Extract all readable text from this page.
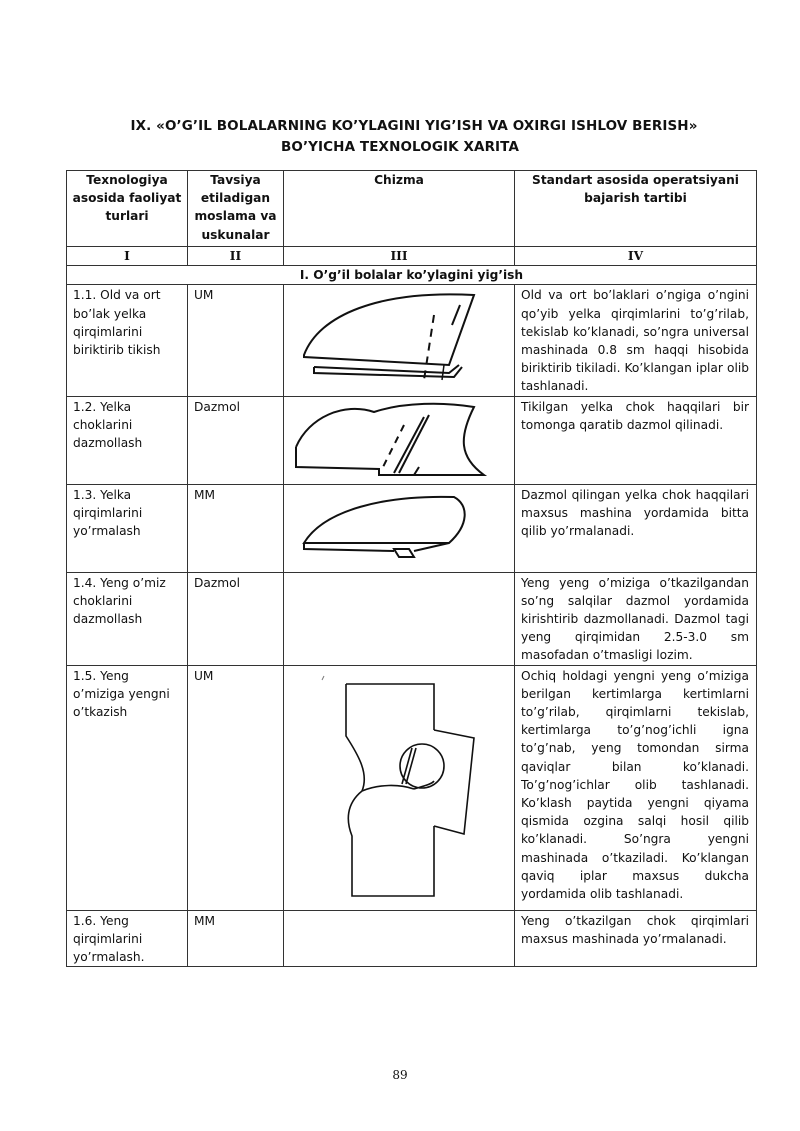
IX. «O’G’IL BOLALARNING KO’YLAGINI YIG’ISH VA OXIRGI ISHLOV BERISH»
BO’YICHA TEXNOLOGIK XARITA
Texnologiya asosida faoliyat turlari	Tavsiya etiladigan moslama va uskunalar	Chizma	Standart asosida operatsiyani bajarish tartibi
I	II	III	IV
I. O’g’il bolalar ko’ylagini yig’ish			
1.1. Old va ort bo’lak yelka qirqimlarini biriktirib tikish	UM		Old va ort bo’laklari o’ngiga o’ngini qo’yib yelka qirqimlarini to’g’rilab, tekislab ko’klanadi, so’ngra universal mashinada 0.8 sm haqqi hisobida biriktirib tikiladi. Ko’klangan iplar olib tashlanadi.
1.2. Yelka choklarini dazmollash	Dazmol		Tikilgan yelka chok haqqilari bir tomonga qaratib dazmol qilinadi.
1.3. Yelka qirqimlarini yo’rmalash	MM		Dazmol qilingan yelka chok haqqilari maxsus mashina yordamida bitta qilib yo’rmalanadi.
1.4. Yeng o’miz choklarini dazmollash	Dazmol		Yeng yeng o’miziga o’tkazilgandan so’ng salqilar dazmol yordamida kirishtirib dazmollanadi. Dazmol tagi yeng qirqimidan 2.5-3.0 sm masofadan o’tmasligi lozim.
1.5. Yeng o’miziga yengni o’tkazish	UM		Ochiq holdagi yengni yeng o’miziga berilgan kertimlarga kertimlarni to’g’rilab, qirqimlarni tekislab, kertimlarga to’g’nog’ichli igna to’g’nab, yeng tomondan sirma qaviqlar bilan ko’klanadi. To’g’nog’ichlar olib tashlanadi. Ko’klash paytida yengni qiyama qismida ozgina salqi hosil qilib ko’klanadi. So’ngra yengni mashinada o’tkaziladi. Ko’klangan qaviq iplar maxsus dukcha yordamida olib tashlanadi.
1.6. Yeng qirqimlarini yo’rmalash.	MM		Yeng o’tkazilgan chok qirqimlari maxsus mashinada yo’rmalanadi.
89
